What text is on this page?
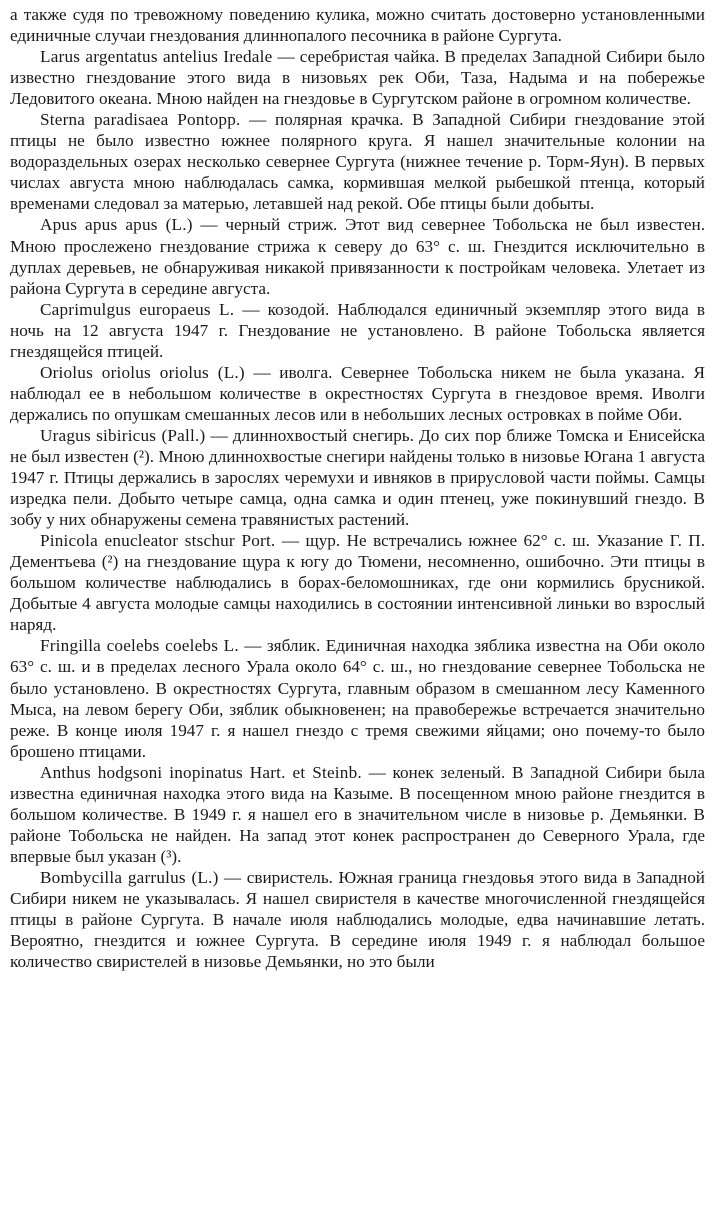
а также судя по тревожному поведению кулика, можно считать достоверно установленными единичные случаи гнездования длиннопалого песочника в районе Сургута.

Larus argentatus antelius Iredale — серебристая чайка. В пределах Западной Сибири было известно гнездование этого вида в низовьях рек Оби, Таза, Надыма и на побережье Ледовитого океана. Мною найден на гнездовье в Сургутском районе в огромном количестве.

Sterna paradisaea Pontopp. — полярная крачка. В Западной Сибири гнездование этой птицы не было известно южнее полярного круга. Я нашел значительные колонии на водораздельных озерах несколько севернее Сургута (нижнее течение р. Торм-Яун). В первых числах августа мною наблюдалась самка, кормившая мелкой рыбешкой птенца, который временами следовал за матерью, летавшей над рекой. Обе птицы были добыты.

Apus apus apus (L.) — черный стриж. Этот вид севернее Тобольска не был известен. Мною прослежено гнездование стрижа к северу до 63° с. ш. Гнездится исключительно в дуплах деревьев, не обнаруживая никакой привязанности к постройкам человека. Улетает из района Сургута в середине августа.

Caprimulgus europaeus L. — козодой. Наблюдался единичный экземпляр этого вида в ночь на 12 августа 1947 г. Гнездование не установлено. В районе Тобольска является гнездящейся птицей.

Oriolus oriolus oriolus (L.) — иволга. Севернее Тобольска никем не была указана. Я наблюдал ее в небольшом количестве в окрестностях Сургута в гнездовое время. Иволги держались по опушкам смешанных лесов или в небольших лесных островках в пойме Оби.

Uragus sibiricus (Pall.) — длиннохвостый снегирь. До сих пор ближе Томска и Енисейска не был известен (²). Мною длиннохвостые снегири найдены только в низовье Югана 1 августа 1947 г. Птицы держались в зарослях черемухи и ивняков в прирусловой части поймы. Самцы изредка пели. Добыто четыре самца, одна самка и один птенец, уже покинувший гнездо. В зобу у них обнаружены семена травянистых растений.

Pinicola enucleator stschur Port. — щур. Не встречались южнее 62° с. ш. Указание Г. П. Дементьева (²) на гнездование щура к югу до Тюмени, несомненно, ошибочно. Эти птицы в большом количестве наблюдались в борах-беломошниках, где они кормились брусникой. Добытые 4 августа молодые самцы находились в состоянии интенсивной линьки во взрослый наряд.

Fringilla coelebs coelebs L. — зяблик. Единичная находка зяблика известна на Оби около 63° с. ш. и в пределах лесного Урала около 64° с. ш., но гнездование севернее Тобольска не было установлено. В окрестностях Сургута, главным образом в смешанном лесу Каменного Мыса, на левом берегу Оби, зяблик обыкновенен; на правобережье встречается значительно реже. В конце июля 1947 г. я нашел гнездо с тремя свежими яйцами; оно почему-то было брошено птицами.

Anthus hodgsoni inopinatus Hart. et Steinb. — конек зеленый. В Западной Сибири была известна единичная находка этого вида на Казыме. В посещенном мною районе гнездится в большом количестве. В 1949 г. я нашел его в значительном числе в низовье р. Демьянки. В районе Тобольска не найден. На запад этот конек распространен до Северного Урала, где впервые был указан (³).

Bombycilla garrulus (L.) — свиристель. Южная граница гнездовья этого вида в Западной Сибири никем не указывалась. Я нашел свиристеля в качестве многочисленной гнездящейся птицы в районе Сургута. В начале июля наблюдались молодые, едва начинавшие летать. Вероятно, гнездится и южнее Сургута. В середине июля 1949 г. я наблюдал большое количество свиристелей в низовье Демьянки, но это были
